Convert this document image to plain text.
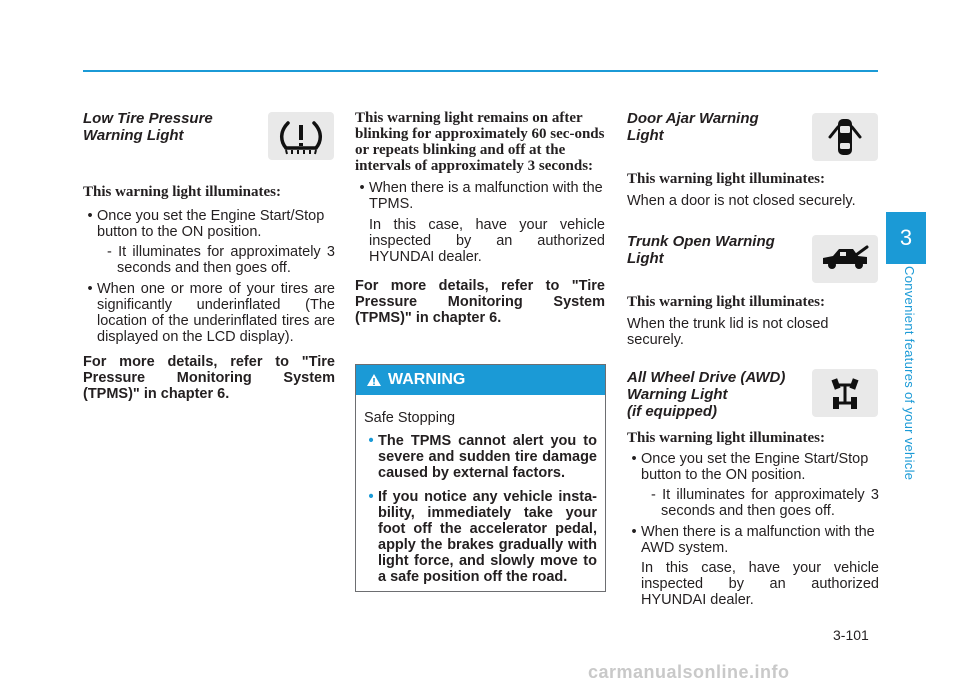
3
Convenient features of your vehicle

Low Tire Pressure
Warning Light

This warning light illuminates:
• Once you set the Engine Start/Stop button to the ON position.
- It illuminates for approximately 3 seconds and then goes off.
• When one or more of your tires are significantly underinflated (The location of the underinflated tires are displayed on the LCD display).
For more details, refer to "Tire Pressure Monitoring System (TPMS)" in chapter 6.
This warning light remains on after blinking for approximately 60 sec-onds or repeats blinking and off at the intervals of approximately 3 seconds:
• When there is a malfunction with the TPMS.
In this case, have your vehicle inspected by an authorized HYUNDAI dealer.
For more details, refer to "Tire Pressure Monitoring System (TPMS)" in chapter 6.
WARNING
Safe Stopping
• The TPMS cannot alert you to severe and sudden tire damage caused by external factors.
• If you notice any vehicle insta-bility, immediately take your foot off the accelerator pedal, apply the brakes gradually with light force, and slowly move to a safe position off the road.

Door Ajar Warning
Light

This warning light illuminates:
When a door is not closed securely.

Trunk Open Warning
Light

This warning light illuminates:
When the trunk lid is not closed securely.

All Wheel Drive (AWD)
Warning Light
(if equipped)

This warning light illuminates:
• Once you set the Engine Start/Stop button to the ON position.
- It illuminates for approximately 3 seconds and then goes off.
• When there is a malfunction with the AWD system.
In this case, have your vehicle inspected by an authorized HYUNDAI dealer.
3-101
carmanualsonline.info
